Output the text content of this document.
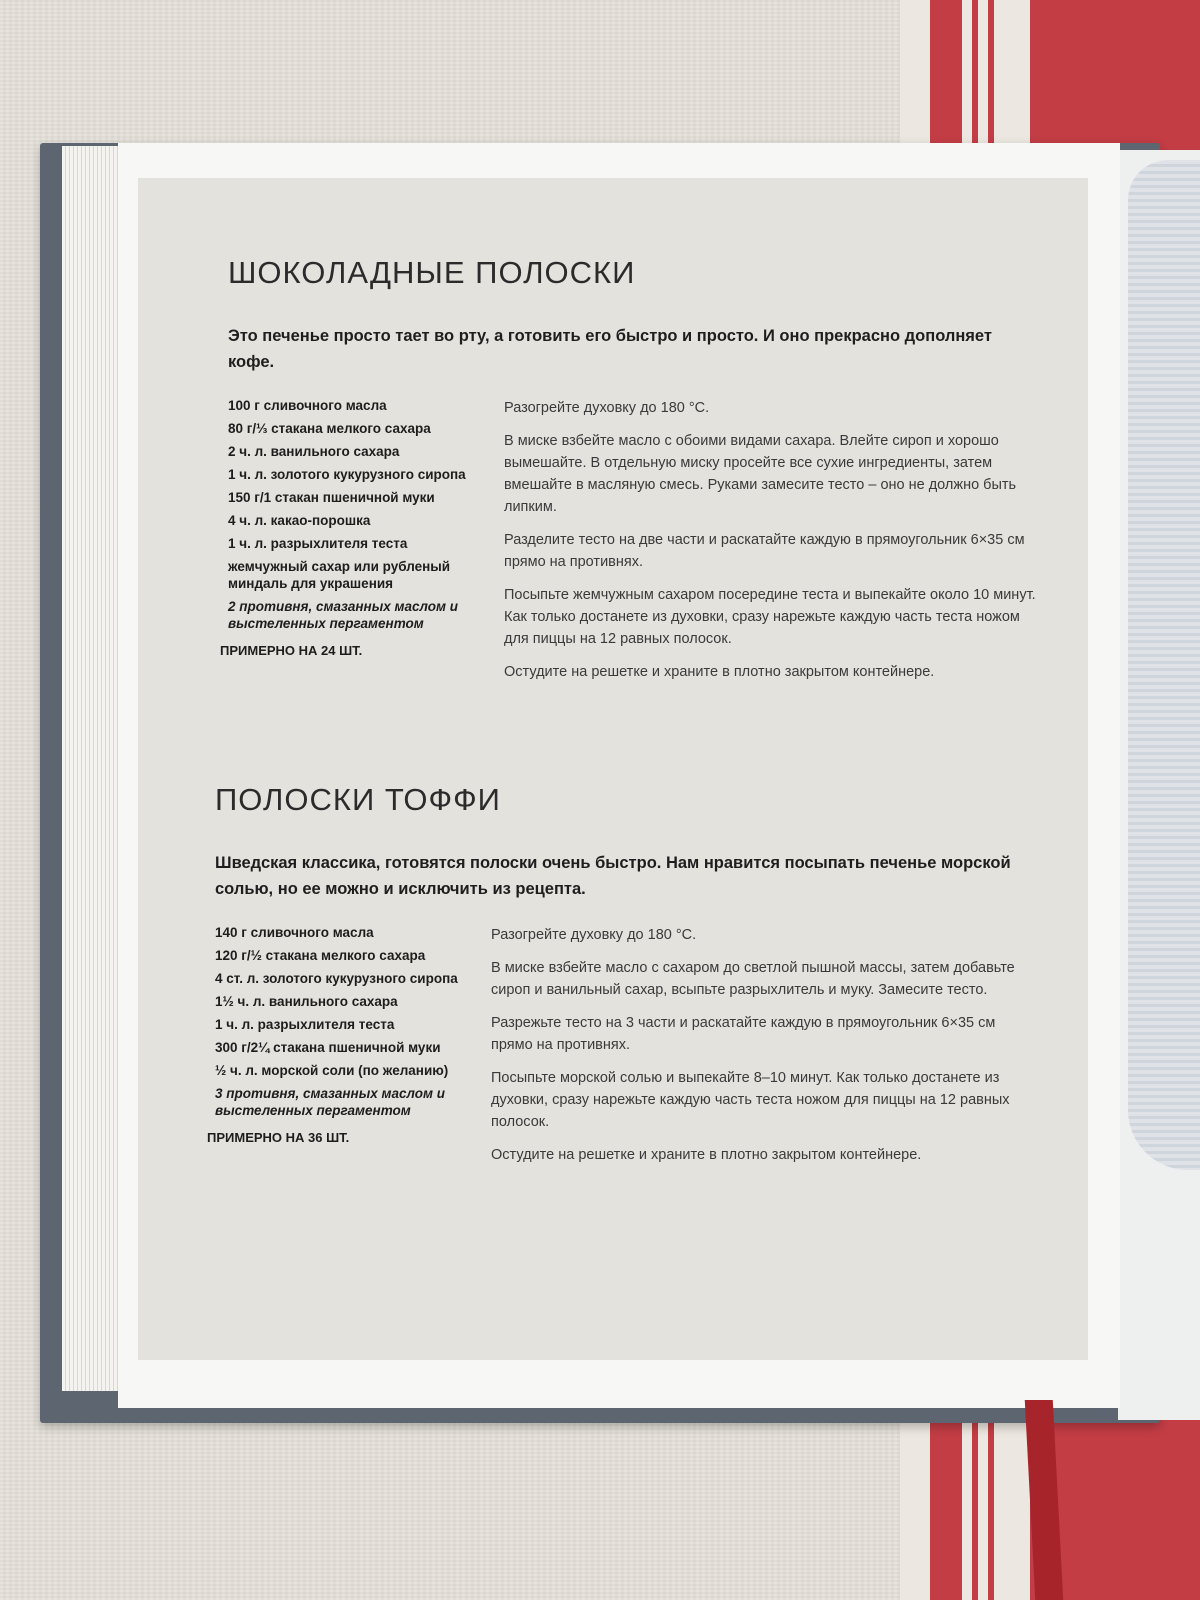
ШОКОЛАДНЫЕ ПОЛОСКИ

Это печенье просто тает во рту, а готовить его быстро и просто. И оно прекрасно дополняет кофе.

100 г сливочного масла
80 г/⅓ стакана мелкого сахара
2 ч. л. ванильного сахара
1 ч. л. золотого кукурузного сиропа
150 г/1 стакан пшеничной муки
4 ч. л. какао-порошка
1 ч. л. разрыхлителя теста
жемчужный сахар или рубленый миндаль для украшения
2 противня, смазанных маслом и выстеленных пергаментом
ПРИМЕРНО НА 24 ШТ.

Разогрейте духовку до 180 °C.

В миске взбейте масло с обоими видами сахара. Влейте сироп и хорошо вымешайте. В отдельную миску просейте все сухие ингредиенты, затем вмешайте в масляную смесь. Руками замесите тесто – оно не должно быть липким.

Разделите тесто на две части и раскатайте каждую в прямоугольник 6×35 см прямо на противнях.

Посыпьте жемчужным сахаром посередине теста и выпекайте около 10 минут. Как только достанете из духовки, сразу нарежьте каждую часть теста ножом для пиццы на 12 равных полосок.

Остудите на решетке и храните в плотно закрытом контейнере.

ПОЛОСКИ ТОФФИ

Шведская классика, готовятся полоски очень быстро. Нам нравится посыпать печенье морской солью, но ее можно и исключить из рецепта.

140 г сливочного масла
120 г/½ стакана мелкого сахара
4 ст. л. золотого кукурузного сиропа
1½ ч. л. ванильного сахара
1 ч. л. разрыхлителя теста
300 г/2¼ стакана пшеничной муки
½ ч. л. морской соли (по желанию)
3 противня, смазанных маслом и выстеленных пергаментом
ПРИМЕРНО НА 36 ШТ.

Разогрейте духовку до 180 °C.

В миске взбейте масло с сахаром до светлой пышной массы, затем добавьте сироп и ванильный сахар, всыпьте разрыхлитель и муку. Замесите тесто.

Разрежьте тесто на 3 части и раскатайте каждую в прямоугольник 6×35 см прямо на противнях.

Посыпьте морской солью и выпекайте 8–10 минут. Как только достанете из духовки, сразу нарежьте каждую часть теста ножом для пиццы на 12 равных полосок.

Остудите на решетке и храните в плотно закрытом контейнере.
